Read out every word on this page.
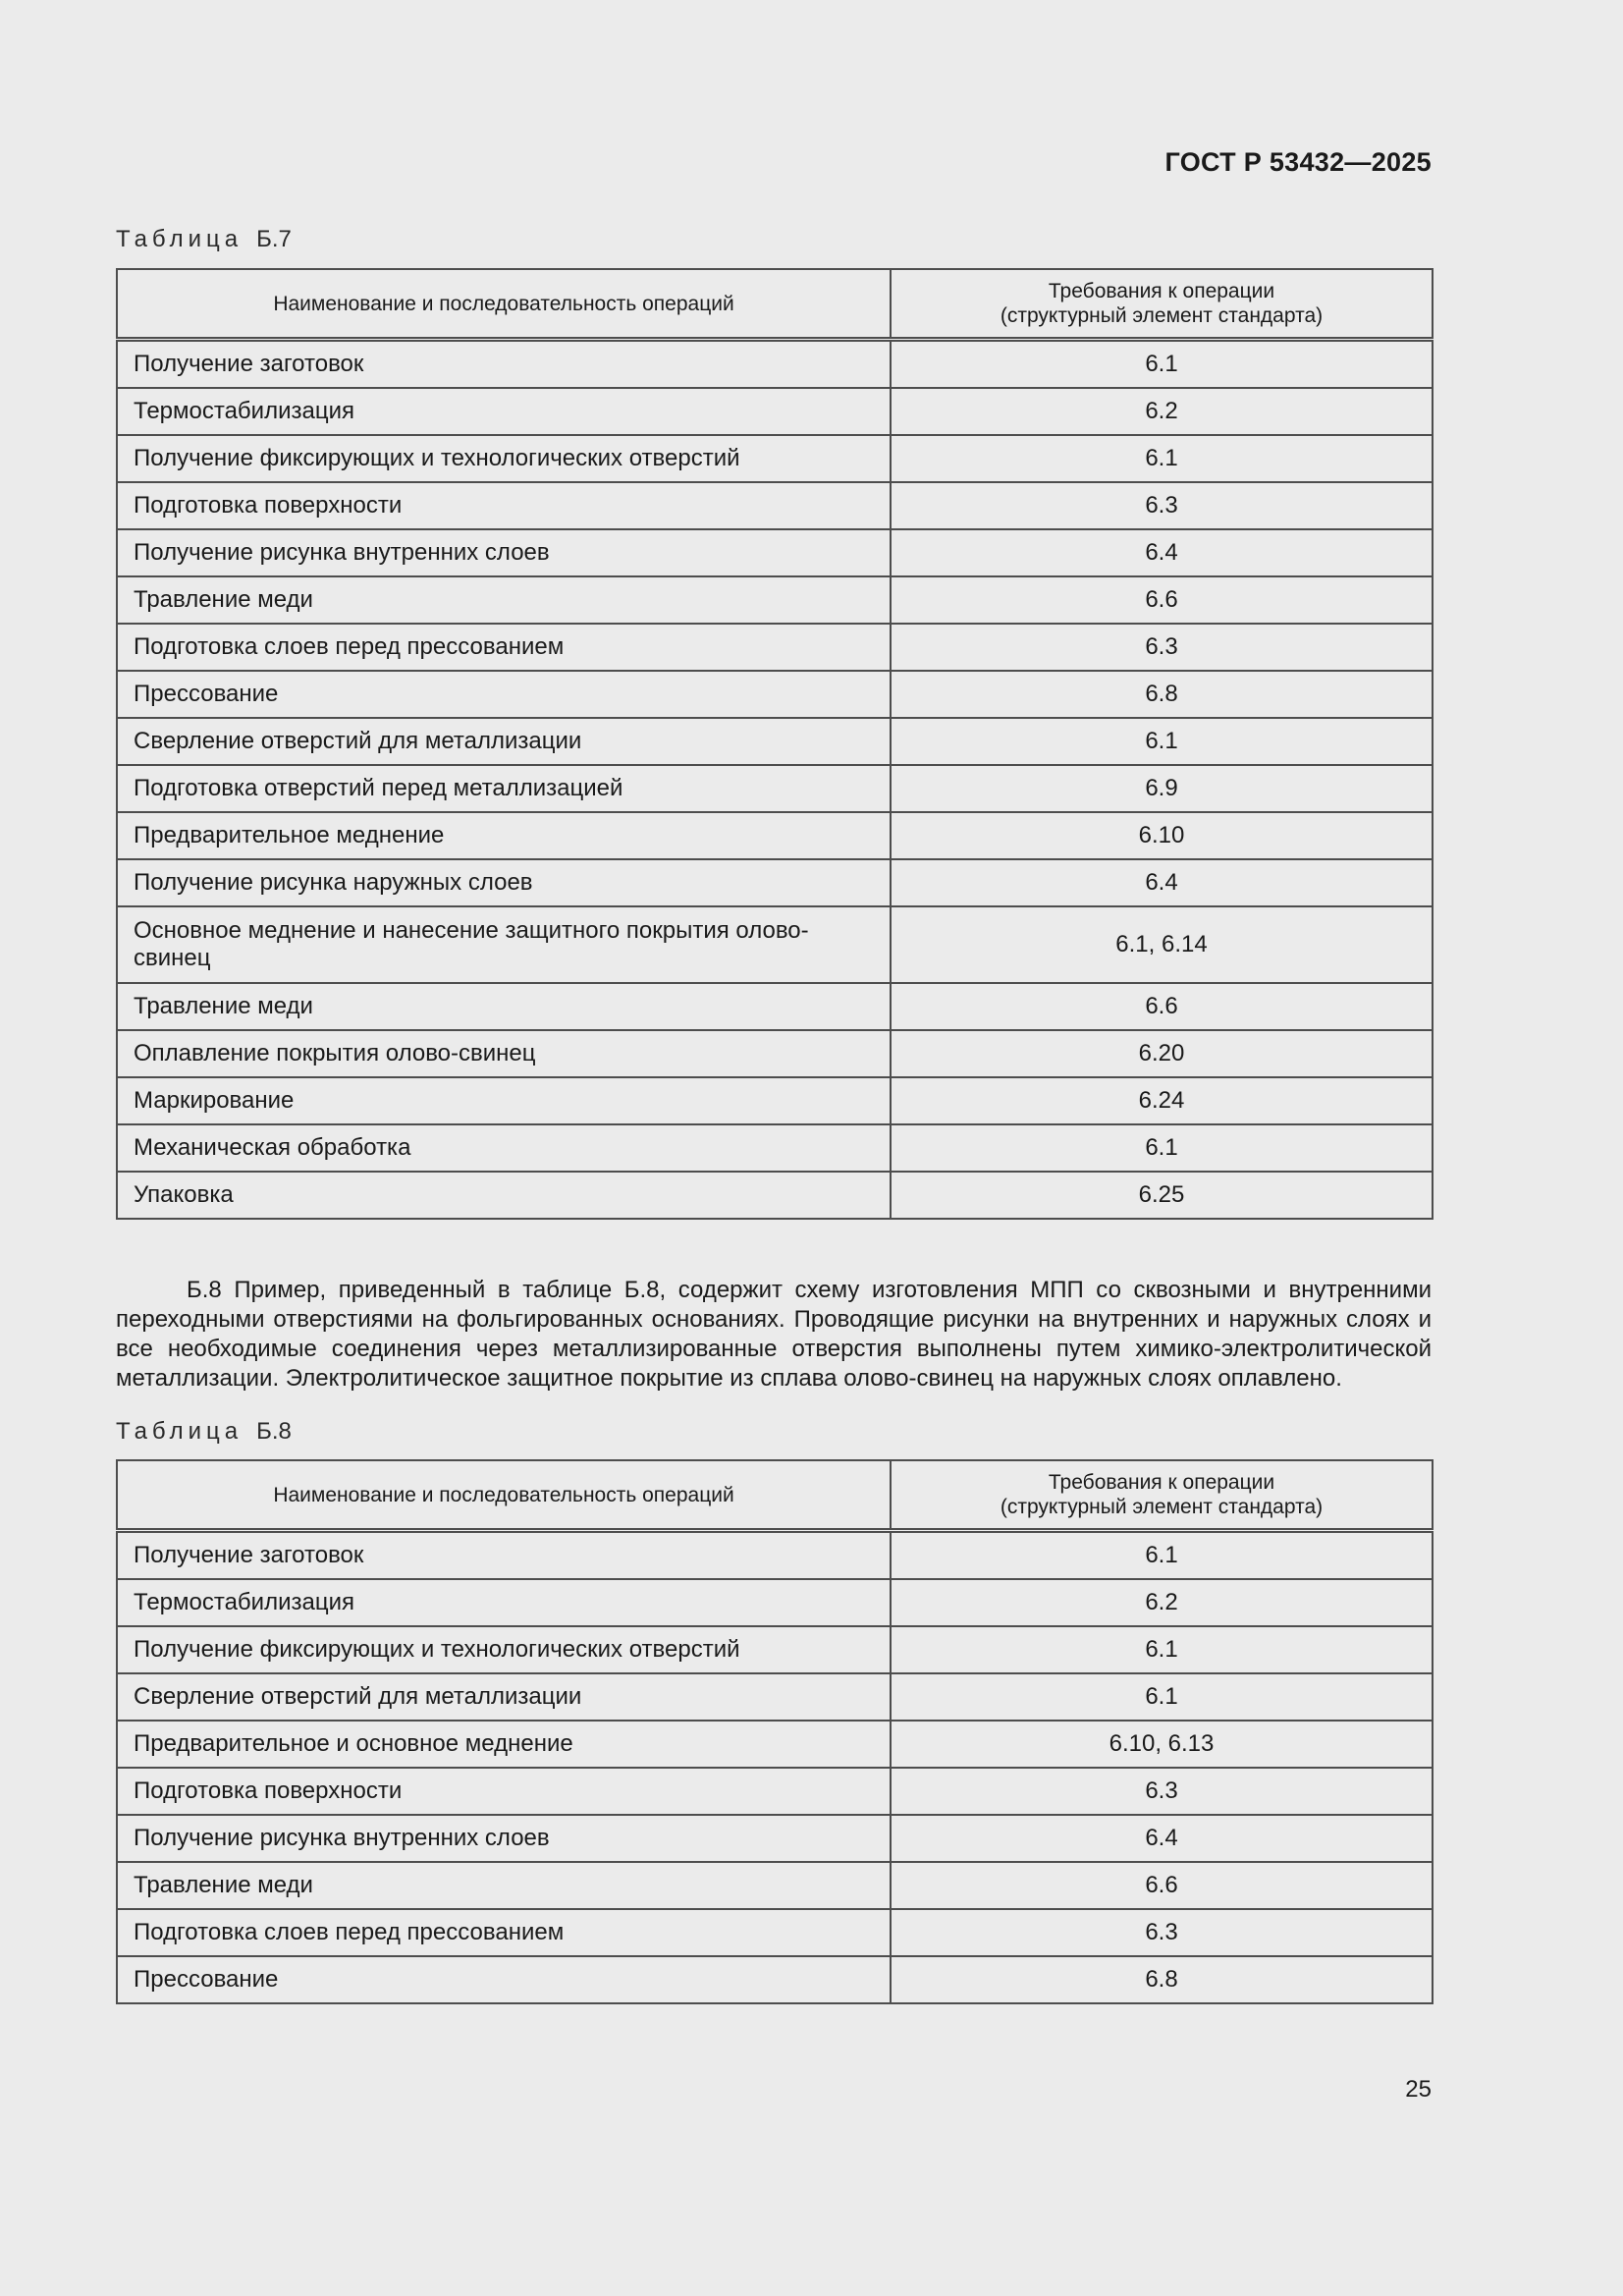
ГОСТ Р 53432—2025
Таблица Б.7
Наименование и последовательность операций	Требования к операции
(структурный элемент стандарта)
Получение заготовок	6.1
Термостабилизация	6.2
Получение фиксирующих и технологических отверстий	6.1
Подготовка поверхности	6.3
Получение рисунка внутренних слоев	6.4
Травление меди	6.6
Подготовка слоев перед прессованием	6.3
Прессование	6.8
Сверление отверстий для металлизации	6.1
Подготовка отверстий перед металлизацией	6.9
Предварительное меднение	6.10
Получение рисунка наружных слоев	6.4
Основное меднение и нанесение защитного покрытия олово-свинец	6.1, 6.14
Травление меди	6.6
Оплавление покрытия олово-свинец	6.20
Маркирование	6.24
Механическая обработка	6.1
Упаковка	6.25
Б.8 Пример, приведенный в таблице Б.8, содержит схему изготовления МПП со сквозными и внутренними переходными отверстиями на фольгированных основаниях. Проводящие рисунки на внутренних и наружных слоях и все необходимые соединения через металлизированные отверстия выполнены путем химико-электролитической металлизации. Электролитическое защитное покрытие из сплава олово-свинец на наружных слоях оплавлено.
Таблица Б.8
Наименование и последовательность операций	Требования к операции
(структурный элемент стандарта)
Получение заготовок	6.1
Термостабилизация	6.2
Получение фиксирующих и технологических отверстий	6.1
Сверление отверстий для металлизации	6.1
Предварительное и основное меднение	6.10, 6.13
Подготовка поверхности	6.3
Получение рисунка внутренних слоев	6.4
Травление меди	6.6
Подготовка слоев перед прессованием	6.3
Прессование	6.8
25
